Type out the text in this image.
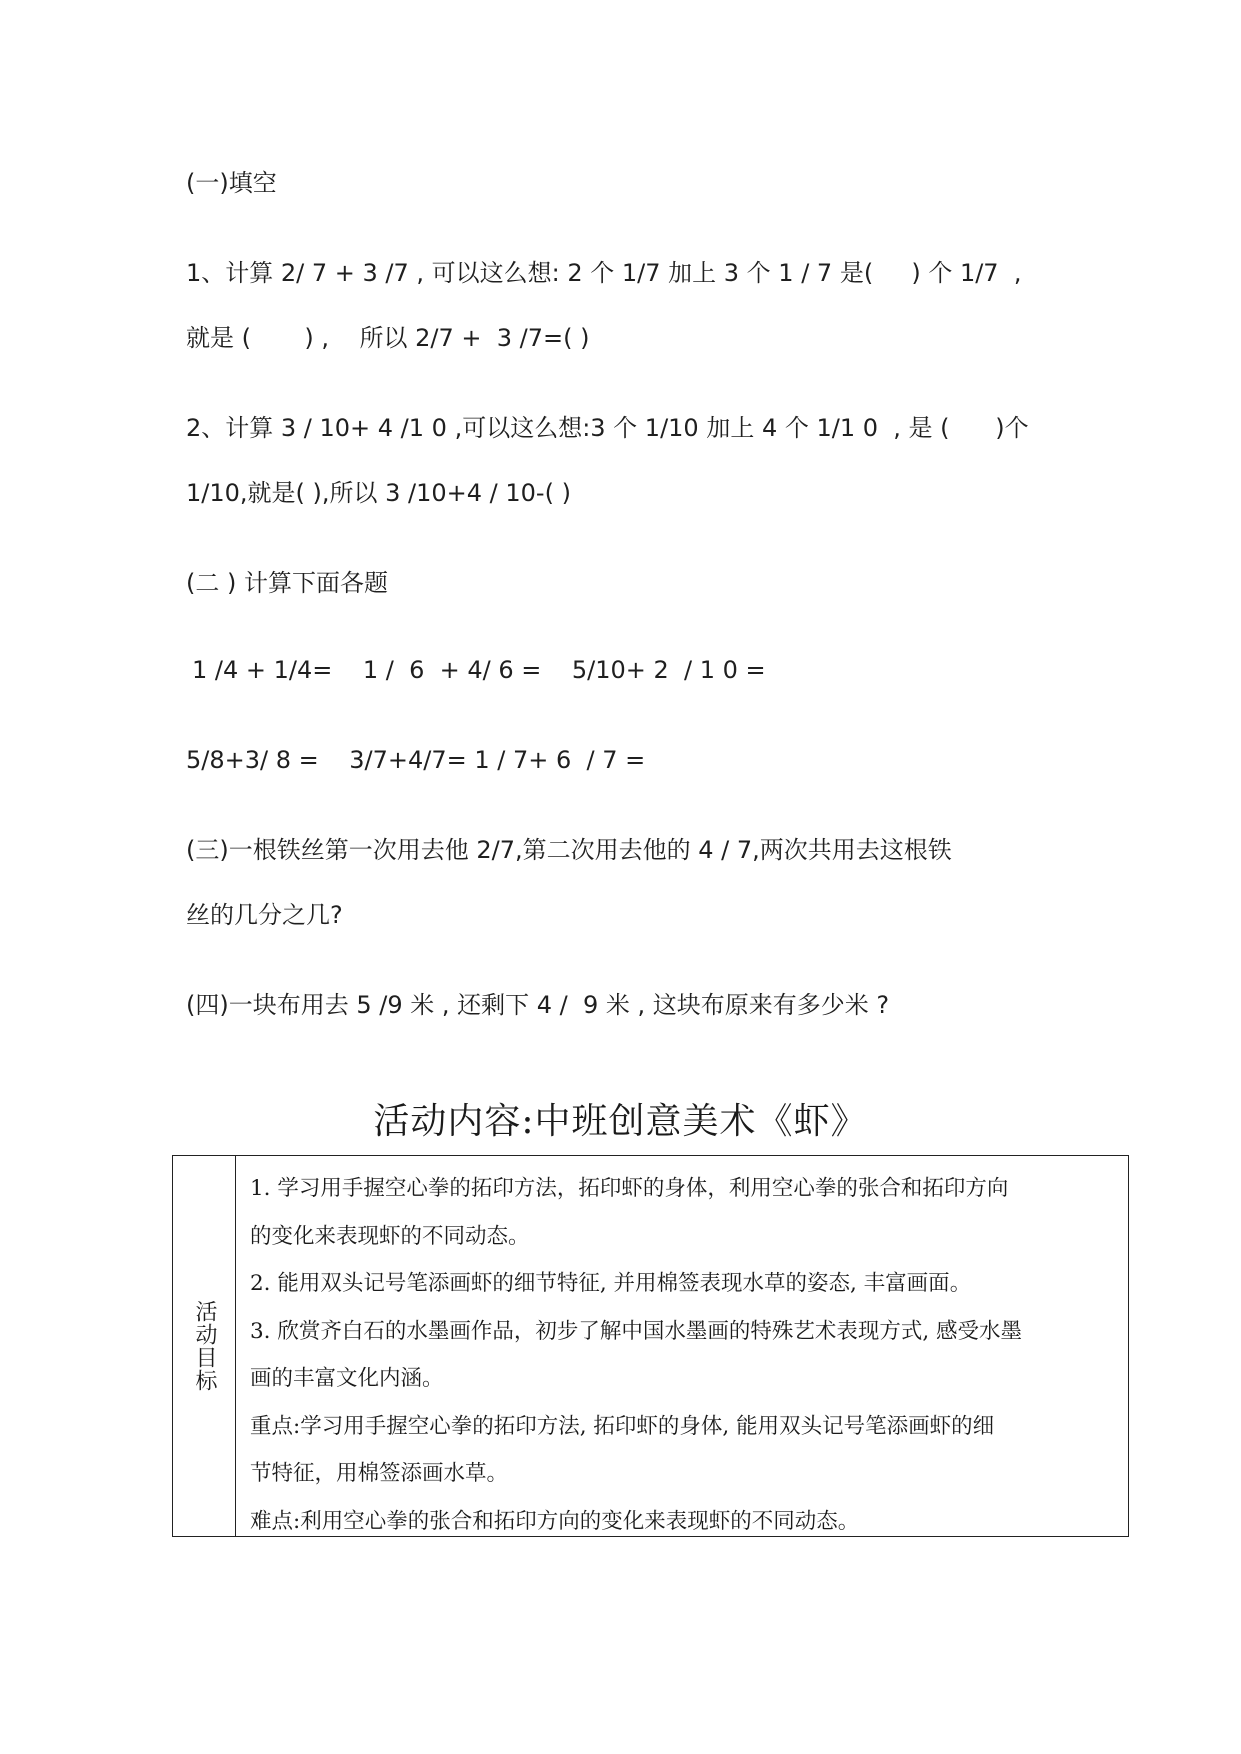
(一)填空
1、计算 2/ 7 + 3 /7 , 可以这么想: 2 个 1/7 加上 3 个 1 / 7 是(     ) 个 1/7  ,
就是 (       ) ,    所以 2/7 +  3 /7=( )
2、计算 3 / 10+ 4 /1 0 ,可以这么想:3 个 1/10 加上 4 个 1/1 0  , 是 (      )个
1/10,就是( ),所以 3 /10+4 / 10-( )
(二 ) 计算下面各题
1 /4 + 1/4=    1 /  6  + 4/ 6 =    5/10+ 2  / 1 0 =
5/8+3/ 8 =    3/7+4/7= 1 / 7+ 6  / 7 =
(三)一根铁丝第一次用去他 2/7,第二次用去他的 4 / 7,两次共用去这根铁
丝的几分之几?
(四)一块布用去 5 /9 米 , 还剩下 4 /  9 米 , 这块布原来有多少米 ?
活动内容:中班创意美术《虾》
活动目标
1. 学习用手握空心拳的拓印方法，拓印虾的身体，利用空心拳的张合和拓印方向
的变化来表现虾的不同动态。
2. 能用双头记号笔添画虾的细节特征, 并用棉签表现水草的姿态, 丰富画面。
3. 欣赏齐白石的水墨画作品，初步了解中国水墨画的特殊艺术表现方式, 感受水墨
画的丰富文化内涵。
重点:学习用手握空心拳的拓印方法, 拓印虾的身体, 能用双头记号笔添画虾的细
节特征，用棉签添画水草。
难点:利用空心拳的张合和拓印方向的变化来表现虾的不同动态。
